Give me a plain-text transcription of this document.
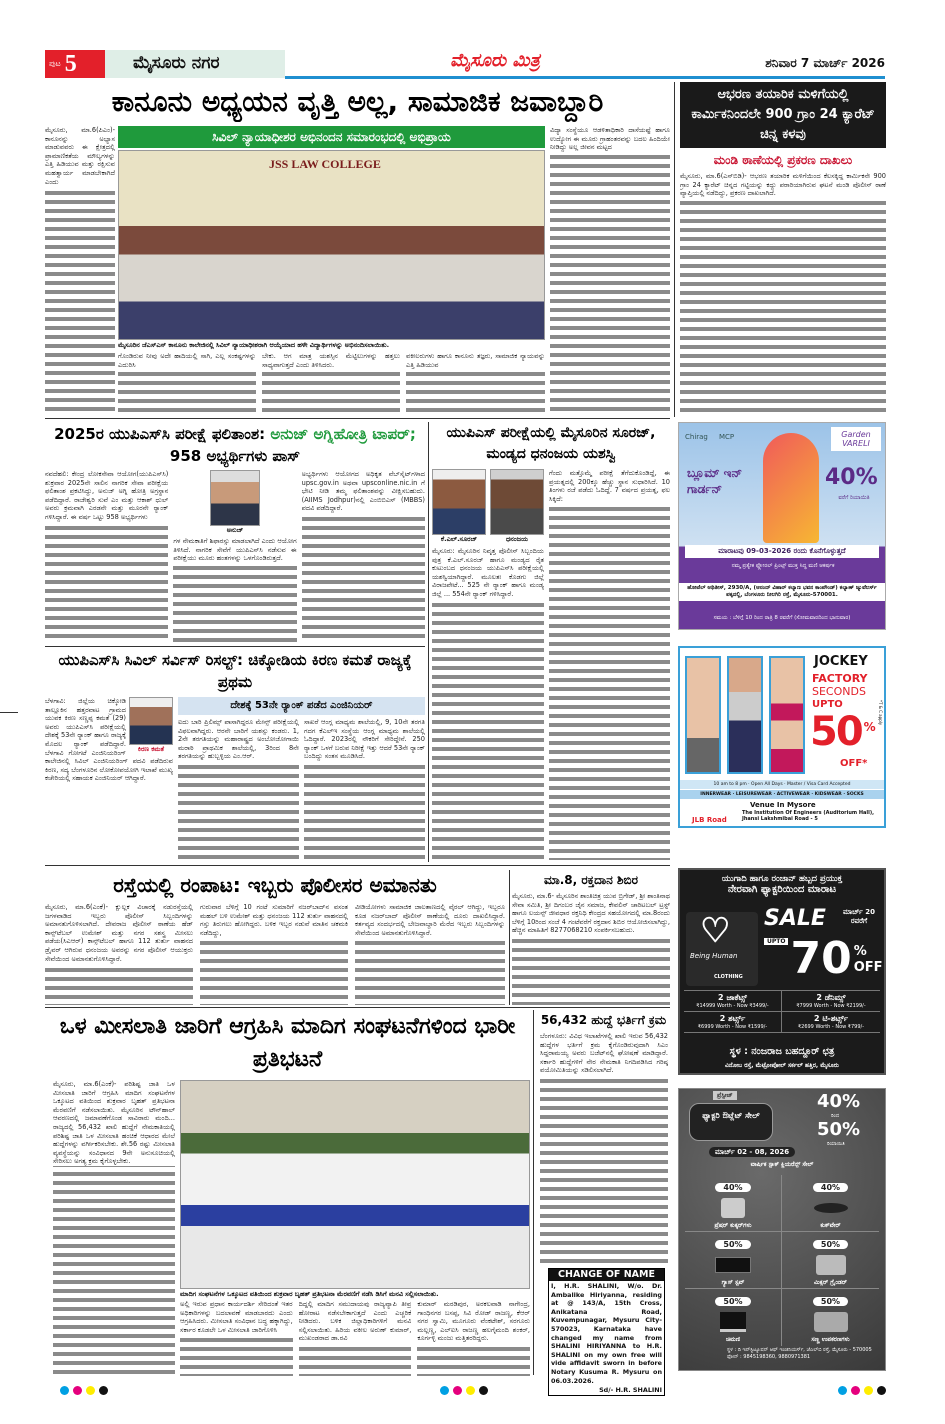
ಪುಟ 5	ಮೈಸೂರು ನಗರ	ಮೈಸೂರು ಮಿತ್ರ	ಶನಿವಾರ 7 ಮಾರ್ಚ್ 2026
ಕಾನೂನು ಅಧ್ಯಯನ ವೃತ್ತಿ ಅಲ್ಲ, ಸಾಮಾಜಿಕ ಜವಾಬ್ದಾರಿ
ಸಿವಿಲ್ ನ್ಯಾಯಾಧೀಶರ ಅಭಿನಂದನ ಸಮಾರಂಭದಲ್ಲಿ ಅಭಿಪ್ರಾಯ
ಮೈಸೂರು, ಮಾ.6(ಪಿಎಂ)- ಕಾನೂನನ್ನು ಅಭ್ಯಾಸ ಮಾಡುವವರು ಈ ಕ್ಷೇತ್ರದಲ್ಲಿ ಪ್ರಾಮಾಣಿಕತೆಯ ಮೌಲ್ಯಗಳನ್ನು ಎತ್ತಿ ಹಿಡಿಯುವ ಮತ್ತು ರಕ್ಷಿಸುವ ಮಹತ್ವಾರ್ಯ ಮಾಡಬೇಕಾಗಿದೆ ಎಂದು
JSS LAW COLLEGE
ಮೈಸೂರಿನ ಜೆಎಸ್‌ಎಸ್ ಕಾನೂನು ಕಾಲೇಜಿನಲ್ಲಿ ಸಿವಿಲ್ ನ್ಯಾಯಾಧೀಶರಾಗಿ ಆಯ್ಕೆಯಾದ ಹಳೇ ವಿದ್ಯಾರ್ಥಿಗಳನ್ನು ಅಭಿನಂದಿಸಲಾಯಿತು.
ಗೊಂಡಿರುವ ನೀವು ಅದೇ ಹಾದಿಯಲ್ಲಿ ಸಾಗಿ, ಎಲ್ಲ ಸಂಕಷ್ಟಗಳನ್ನು ಎದುರಿಸಿ
ಬೇಕು. ಆಗ ಮಾತ್ರ ಯಶಸ್ಸಿನ ಮೆಟ್ಟಿಲುಗಳನ್ನು ಹತ್ತಲು ಸಾಧ್ಯವಾಗುತ್ತದೆ ಎಂದು ತಿಳಿಸಿದರು.
ವಕೀಲರುಗಳು ಹಾಗೂ ಕಾನೂನು ತಜ್ಞರು, ಸಾಮಾಜಿಕ ನ್ಯಾಯವನ್ನು ಎತ್ತಿ ಹಿಡಿಯುವ
ವಿದ್ಯಾ ಸಂಸ್ಥೆಯೂ ಆಡಳಿತಾಧಿಕಾರಿ ದಾಸೆಯಷ್ಟೆ ಹಾಗೂ ಉದ್ಯೋಗ ಈ ಮೂರು ಗ್ರಾಹಂತರವನ್ನು ಬದಲ ಹಿಂದಿಯೇ ನೀಡಿದ್ದು ಅಲ್ಲ ಜೀವನ ಮಟ್ಟದ
ಆಭರಣ ತಯಾರಿಕ ಮಳಿಗೆಯಲ್ಲಿ ಕಾರ್ಮಿಕನಿಂದಲೇ 900 ಗ್ರಾಂ 24 ಕ್ಯಾರೆಟ್ ಚಿನ್ನ ಕಳವು
ಮಂಡಿ ಠಾಣೆಯಲ್ಲಿ ಪ್ರಕರಣ ದಾಖಲು
ಮೈಸೂರು, ಮಾ.6(ಎಸ್‌ಬಿಡಿ)- ಆಭರಣ ತಯಾರಿಕ ಮಳಿಗೆಯಿಂದ ಕೆಲಸಕ್ಕಿದ್ದ ಕಾರ್ಮಿಕನೇ 900 ಗ್ರಾಂ 24 ಕ್ಯಾರೆಟ್ ಚಿನ್ನದ ಗಟ್ಟಿಯನ್ನು ಕದ್ದು ಪರಾರಿಯಾಗಿರುವ ಘಟನೆ ಮಂಡಿ ಪೊಲೀಸ್ ಠಾಣೆ ವ್ಯಾಪ್ತಿಯಲ್ಲಿ ನಡೆದಿದ್ದು, ಪ್ರಕರಣ ದಾಖಲಾಗಿದೆ.
2025ರ ಯುಪಿಎಸ್‌ಸಿ ಪರೀಕ್ಷೆ ಫಲಿತಾಂಶ: ಅನುಜ್ ಅಗ್ನಿಹೋತ್ರಿ ಟಾಪರ್; 958 ಅಭ್ಯರ್ಥಿಗಳು ಪಾಸ್
ನವದೆಹಲಿ: ಕೇಂದ್ರ ಲೋಕಸೇವಾ ಆಯೋಗ(ಯುಪಿಎಸ್‌ಸಿ) ಶುಕ್ರವಾರ 2025ನೇ ಸಾಲಿನ ನಾಗರಿಕ ಸೇವಾ ಪರೀಕ್ಷೆಯ ಫಲಿತಾಂಶ ಪ್ರಕಟಿಸಿದ್ದು, ಅನುಜ್ ಅಗ್ನಿ ಹೋತ್ರಿ ಅಗ್ರಸ್ಥಾನ ಪಡೆದಿದ್ದಾರೆ. ರಾಜೇಶ್ವರಿ ಸುವೆ ಎಂ ಮತ್ತು ಆಕಾಶ್ ಧುಲ್ ಅವರು ಕ್ರಮವಾಗಿ ಎರಡನೇ ಮತ್ತು ಮೂರನೇ ರ್‍ಯಾಂಕ್ ಗಳಿಸಿದ್ದಾರೆ. ಈ ವರ್ಷ ಒಟ್ಟು 958 ಅಭ್ಯರ್ಥಿಗಳು
ಅನುಜ್
ಗಳ ನೇಮಕಾತಿಗೆ ಶಿಫಾರಸ್ಸು ಮಾಡಲಾಗಿದೆ ಎಂದು ಆಯೋಗ ತಿಳಿಸಿದೆ. ನಾಗರಿಕ ಸೇವೆಗೆ ಯುಪಿಎಸ್‌ಸಿ ನಡೆಸುವ ಈ ಪರೀಕ್ಷೆಯು ಮೂರು ಹಂತಗಳನ್ನು ಒಳಗೊಂಡಿರುತ್ತದೆ.
ಅಭ್ಯರ್ಥಿಗಳು ಆಯೋಗದ ಅಧಿಕೃತ ವೆಬ್‌ಸೈಟ್‌ಗಳಾದ upsc.gov.in ಅಥವಾ upsconline.nic.in ಗೆ ಭೇಟಿ ನೀಡಿ ತಮ್ಮ ಫಲಿತಾಂಶವನ್ನು ವೀಕ್ಷಿಸಬಹುದು. (AIIMS Jodhpur)ನಲ್ಲಿ ಎಂಬಿಬಿಎಸ್ (MBBS) ಪದವಿ ಪಡೆದಿದ್ದಾರೆ.
ಯುಪಿಎಸ್ ಪರೀಕ್ಷೆಯಲ್ಲಿ ಮೈಸೂರಿನ ಸೂರಜ್, ಮಂಡ್ಯದ ಧನಂಜಯ ಯಶಸ್ವಿ
ಕೆ.ಎಲ್.ಸೂರಜ್	ಧನಂಜಯ
ಮೈಸೂರು: ಮೈಸೂರಿನ ನಿವೃತ್ತ ಪೊಲೀಸ್ ಸಿಬ್ಬಂದಿಯ ಪುತ್ರ ಕೆ.ಎಲ್.ಸೂರಜ್ ಹಾಗೂ ಮಂಡ್ಯದ ರೈತ ಕುಟುಂಬದ ಧನಂಜಯ ಯುಪಿಎಸ್‌ಸಿ ಪರೀಕ್ಷೆಯಲ್ಲಿ ಯಶಸ್ವಿಯಾಗಿದ್ದಾರೆ. ಮೂಲತಃ ಕೊಡಗು ಜಿಲ್ಲೆ ವಿರಾಜಪೇಟೆ... 525 ನೇ ರ್‍ಯಾಂಕ್ ಹಾಗೂ ಮಂಡ್ಯ ಜಿಲ್ಲೆ ... 554ನೇ ರ್‍ಯಾಂಕ್ ಗಳಿಸಿದ್ದಾರೆ.
ಗೆಂದು ಮತ್ತೊಮ್ಮೆ ಪರೀಕ್ಷೆ ತೆಗೆದುಕೊಂಡಿದ್ದೆ, ಈ ಪ್ರಯತ್ನದಲ್ಲಿ 200ಕ್ಕೂ ಹೆಚ್ಚು ಸ್ಥಾನ ಸುಧಾರಿಸಿದೆ. 10 ತಿಂಗಳು ರಜೆ ಪಡೆದು ಓದಿದ್ದೆ. 7 ವರ್ಷದ ಪ್ರಯತ್ನ, ಫಲ ಸಿಕ್ಕಿದೆ:
ಯುಪಿಎಸ್‌ಸಿ ಸಿವಿಲ್ ಸರ್ವಿಸ್ ರಿಸಲ್ಟ್: ಚಿಕ್ಕೋಡಿಯ ಕಿರಣ ಕಮತೆ ರಾಜ್ಯಕ್ಕೆ ಪ್ರಥಮ
ಕಿರಣ ಕಮತೆ
ಬೆಳಗಾವಿ: ಜಿಲ್ಲೆಯ ಚಿಕ್ಕೋಡಿ ತಾಲ್ಲೂಕಿನ ಹತ್ತರವಾಟ ಗ್ರಾಮದ ಯುವಕ ಕಿರಣ ಸಣ್ಣಪ್ಪ ಕಮತೆ (29) ಅವರು ಯುಪಿಎಸ್‌ಸಿ ಪರೀಕ್ಷೆಯಲ್ಲಿ ದೇಶಕ್ಕೆ 53ನೇ ರ್‍ಯಾಂಕ್ ಹಾಗೂ ರಾಜ್ಯಕ್ಕೆ ಮೊದಲ ರ್‍ಯಾಂಕ್ ಪಡೆದಿದ್ದಾರೆ. ಬೆಳಗಾವಿ ಗೋಗಟೆ ಎಂಜಿನಿಯರಿಂಗ್ ಕಾಲೇಜಿನಲ್ಲಿ ಸಿವಿಲ್ ಎಂಜಿನಿಯರಿಂಗ್ ಪದವಿ ಪಡೆದಿರುವ ಕಿರಣ, ಸದ್ಯ ಬೆಂಗಳೂರಿನ ಲೋಕೋಪಯೋಗಿ ಇಲಾಖೆ ಮುಖ್ಯ ಕಚೇರಿಯಲ್ಲಿ ಸಹಾಯಕ ಎಂಜಿನಿಯರ್ ಆಗಿದ್ದಾರೆ.
ದೇಶಕ್ಕೆ 53ನೇ ರ್‍ಯಾಂಕ್ ಪಡೆದ ಎಂಜಿನಿಯರ್
ಐದು ಬಾರಿ ಪ್ರಿಲಿಮ್ಸ್ ಪಾಸಾಗಿದ್ದರೂ ಮೇನ್ಸ್ ಪರೀಕ್ಷೆಯಲ್ಲಿ ವಿಫಲವಾಗಿದ್ದರು. ಆರನೇ ಬಾರಿಗೆ ಯಶಸ್ಸು ಕಂಡರು. 1, 2ನೇ ತರಗತಿಯನ್ನು ಮಹಾರಾಷ್ಟ್ರದ ಅಂಬೋಜೋಗಾಯಿ ಮರಾಠಿ ಪ್ರಾಥಮಿಕ ಶಾಲೆಯಲ್ಲಿ, 3ರಿಂದ 8ನೇ ತರಗತಿಯನ್ನು ಹುಬ್ಬಳ್ಳಿಯ ಎಂ.ಆರ್.
ಸಾಖರೆ ಆಂಗ್ಲ ಮಾಧ್ಯಮ ಶಾಲೆಯಲ್ಲಿ, 9, 10ನೇ ತರಗತಿ ಗದಗ ಕೆಎಲ್‌ಇ ಸಂಸ್ಥೆಯ ಆಂಗ್ಲ ಮಾಧ್ಯಮ ಶಾಲೆಯಲ್ಲಿ ಓದಿದ್ದಾರೆ. 2023ರಲ್ಲಿ ನೌಕರಿಗೆ ಸೇರಿದ್ದೇನೆ. 250 ರ್‍ಯಾಂಕ್ ಒಳಗೆ ಬರುವ ನಿರೀಕ್ಷೆ ಇತ್ತು ಆದರೆ 53ನೇ ರ್‍ಯಾಂಕ್ ಬಂದಿದ್ದು ಸಂತಸ ಮೂಡಿಸಿದೆ.
ರಸ್ತೆಯಲ್ಲಿ ರಂಪಾಟ: ಇಬ್ಬರು ಪೊಲೀಸರ ಅಮಾನತು
ಮೈಸೂರು, ಮಾ.6(ಎಂಕೆ)- ಕ್ಷುಲ್ಲಕ ವಿಚಾರಕ್ಕೆ ನಡುರಸ್ತೆಯಲ್ಲಿ ಜಗಳವಾಡಿದ ಇಬ್ಬರು ಪೊಲೀಸ್ ಸಿಬ್ಬಂದಿಗಳನ್ನು ಅಮಾನತುಗೊಳಿಸಲಾಗಿದೆ. ದೇವರಾಜ ಪೊಲೀಸ್ ಠಾಣೆಯ ಹೆಡ್ ಕಾನ್ಸ್‌ಟೆಬಲ್ ಉಮೇಶ್ ಮತ್ತು ನಗರ ಸಶಸ್ತ್ರ ಮೀಸಲು ಪಡೆಯ(ಸಿಎಆರ್) ಕಾನ್ಸ್‌ಟೆಬಲ್ ಹಾಗೂ 112 ತುರ್ತು ವಾಹನದ ಡ್ರೈವರ್ ಆಗಿರುವ ಧನಂಜಯ ಅವರನ್ನು ನಗರ ಪೊಲೀಸ್ ಆಯುಕ್ತರು ಸೇವೆಯಿಂದ ಅಮಾನತುಗೊಳಿಸಿದ್ದಾರೆ.
ಗುರುವಾರ ಬೆಳಿಗ್ಗೆ 10 ಗಂಟೆ ಸುಮಾರಿಗೆ ನಜರ್‌ಬಾದ್‌ನ ವಸಂತ ಮಹಲ್ ಬಳಿ ಉಮೇಶ್ ಮತ್ತು ಧನಂಜಯ 112 ತುರ್ತು ವಾಹನದಲ್ಲಿ ಗಸ್ತು ತಿರುಗಲು ಹೋಗಿದ್ದರು. ಬಳಿಕ ಇಬ್ಬರ ನಡುವೆ ಮಾತಿನ ಚಕಮಕಿ ನಡೆದಿದ್ದು,
ವೀಡಿಯೋಗಳು ಸಾಮಾಜಿಕ ಜಾಲತಾಣದಲ್ಲಿ ವೈರಲ್ ಆಗಿದ್ದು, ಇಬ್ಬರೂ ಕೂಡ ನಜರ್‌ಬಾದ್ ಪೊಲೀಸ್ ಠಾಣೆಯಲ್ಲಿ ದೂರು ದಾಖಲಿಸಿದ್ದಾರೆ. ಕರ್ತವ್ಯದ ಸಂದರ್ಭದಲ್ಲಿ ಬೇಜವಾಬ್ದಾರಿ ಮೆರೆದ ಇಬ್ಬರು ಸಿಬ್ಬಂದಿಗಳನ್ನು ಸೇವೆಯಿಂದ ಅಮಾನತುಗೊಳಿಸಿದ್ದಾರೆ.
ಮಾ.8, ರಕ್ತದಾನ ಶಿಬಿರ
ಮೈಸೂರು, ಮಾ.6- ಮೈಸೂರಿನ ಶಾಂತಿಚಿತ್ರ ಯುವ ಬ್ರಿಗೇಡ್, ಶ್ರೀ ಶಾಂತಿನಾಥ ಸೇವಾ ಸಮಿತಿ, ಶ್ರೀ ದಿಗಂಬರ ಜೈನ ಸಮಾಜ, ಕೇವಲಿನ್ ಚಾರಿಟಬಲ್ ಟ್ರಸ್ಟ್ ಹಾಗೂ ಲಯನ್ಸ್ ಜೀವಧಾರ ರಕ್ತನಿಧಿ ಕೇಂದ್ರದ ಸಹಯೋಗದಲ್ಲಿ ಮಾ.8ರಂದು ಬೆಳಿಗ್ಗೆ 10ರಿಂದ ಸಂಜೆ 4 ಗಂಟೆವರೆಗೆ ರಕ್ತದಾನ ಶಿಬಿರ ಆಯೋಜಿಸಲಾಗಿದ್ದು, ಹೆಚ್ಚಿನ ಮಾಹಿತಿಗೆ 8277068210 ಸಂಪರ್ಕಿಸಬಹುದು.
ಒಳ ಮೀಸಲಾತಿ ಜಾರಿಗೆ ಆಗ್ರಹಿಸಿ ಮಾದಿಗ ಸಂಘಟನೆಗಳಿಂದ ಭಾರೀ ಪ್ರತಿಭಟನೆ
ಮೈಸೂರು, ಮಾ.6(ಎಂಕೆ)- ಪರಿಶಿಷ್ಟ ಜಾತಿ ಒಳ ಮೀಸಲಾತಿ ಜಾರಿಗೆ ಆಗ್ರಹಿಸಿ ಮಾದಿಗ ಸಂಘಟನೆಗಳ ಒಕ್ಕೂಟದ ವತಿಯಿಂದ ಶುಕ್ರವಾರ ಬೃಹತ್ ಪ್ರತಿಭಟನಾ ಮೆರವಣಿಗೆ ನಡೆಸಲಾಯಿತು. ಮೈಸೂರಿನ ಟೌನ್‌ಹಾಲ್ ಆವರಣದಲ್ಲಿ ಜಮಾವಣೆಗೊಂಡ ಸಾವಿರಾರು ಮಂದಿ... ರಾಜ್ಯದಲ್ಲಿ 56,432 ಖಾಲಿ ಹುದ್ದೆಗೆ ನೇಮಕಾತಿಯಲ್ಲಿ ಪರಿಶಿಷ್ಟ ಜಾತಿ ಒಳ ಮೀಸಲಾತಿ ಹಂಚಿಕೆ ಆಧಾರದ ಮೇಲೆ ಹುದ್ದೆಗಳನ್ನು ವರ್ಗೀಕರಿಸಬೇಕು. ಶೇ.56 ರಷ್ಟು ಮೀಸಲಾತಿ ವ್ಯವಸ್ಥೆಯನ್ನು ಸಂವಿಧಾನದ 9ನೇ ಅನುಸೂಚಿಯಲ್ಲಿ ಸೇರಿಸಲು ಅಗತ್ಯ ಕ್ರಮ ಕೈಗೊಳ್ಳಬೇಕು.
ಮಾದಿಗ ಸಂಘಟನೆಗಳ ಒಕ್ಕೂಟದ ವತಿಯಿಂದ ಶುಕ್ರವಾರ ಬೃಹತ್ ಪ್ರತಿಭಟನಾ ಮೆರವಣಿಗೆ ನಡೆಸಿ ಡಿಸಿಗೆ ಮನವಿ ಸಲ್ಲಿಸಲಾಯಿತು.
ಅಲ್ಲಿ ಇರುವ ಪ್ರಧಾನ ಕಾರ್ಯದರ್ಶಿ ಸೇರಿದಂತೆ ಇತರ ಅಧಿಕಾರಿಗಳನ್ನು ಬದಲಾವಣೆ ಮಾಡಬಾರದು ಎಂದು ಆಗ್ರಹಿಸಿದರು. ಮೀಸಲಾತಿ ಸಂವಿಧಾನ ಬದ್ಧ ಹಕ್ಕಾಗಿದ್ದು, ಸರ್ಕಾರ ಕೂಡಲೇ ಒಳ ಮೀಸಲಾತಿ ಜಾರಿಗೊಳಿಸಿ
ದಿದ್ದಲ್ಲಿ ಮಾದಿಗ ಸಮುದಾಯವು ರಾಜ್ಯವ್ಯಾಪಿ ತೀವ್ರ ಹೋರಾಟ ನಡೆಸಬೇಕಾಗುತ್ತದೆ ಎಂದು ಎಚ್ಚರಿಕೆ ನೀಡಿದರು. ಬಳಿಕ ಜಿಲ್ಲಾಧಿಕಾರಿಗಳಿಗೆ ಮನವಿ ಸಲ್ಲಿಸಲಾಯಿತು. ಹಿರಿಯ ವಕೀಲ ಅರುಣ್ ಕುಮಾರ್, ಮುಖಂಡರಾದ ಡಾ.ರವಿ
ಕುಮಾರ್ ಮರಡಿಪುರ, ಅರಕಲವಾಡಿ ನಾಗೇಂದ್ರ, ಗಾಂಧಿನಗರ ಬಸಪ್ಪ, ಸಿವಿ ರೋಡ್ ರಾಜಣ್ಣ, ಕೆಆರ್ ನಗರ ಸ್ವಾಮಿ, ಮೂಗೂರು ವೆಂಕಟೇಶ್, ಸರಗೂರು ಮಲ್ಲಣ್ಣ, ಎಲ್‌ಐಸಿ ರಾಜಣ್ಣ ಹಲಗೈಮಂದಿ ಶಂಕರ್, ಕೂರ್ಗಳ್ಳಿ ಮಂಜು ಮತ್ತಿತರರಿದ್ದರು.
56,432 ಹುದ್ದೆ ಭರ್ತಿಗೆ ಕ್ರಮ
ಬೆಂಗಳೂರು: ವಿವಿಧ ಇಲಾಖೆಗಳಲ್ಲಿ ಖಾಲಿ ಇರುವ 56,432 ಹುದ್ದೆಗಳ ಭರ್ತಿಗೆ ಕ್ರಮ ಕೈಗೊಂಡಿರುವುದಾಗಿ ಸಿಎಂ ಸಿದ್ದರಾಮಯ್ಯ ಅವರು ಬಜೆಟ್‌ನಲ್ಲಿ ಘೋಷಣೆ ಮಾಡಿದ್ದಾರೆ. ಸರ್ಕಾರಿ ಹುದ್ದೆಗಳಿಗೆ ನೇರ ನೇಮಕಾತಿ ನಿಗದಿಪಡಿಸಿದ ಗರಿಷ್ಠ ವಯೋಮಿತಿಯನ್ನು ಸಡಿಲಿಸಲಾಗಿದೆ.
CHANGE OF NAME
I, H.R. SHALINI, W/o. Dr. Ambalike Hiriyanna, residing at @ 143/A, 15th Cross, Anikatana Road, Kuvempunagar, Mysuru City-570023, Karnataka have changed my name from SHALINI HIRIYANNA to H.R. SHALINI on my own free will vide affidavit sworn in before Notary Kusuma R. Mysuru on 06.03.2026.
Sd/- H.R. SHALINI
Chirag MCP	Garden VARELI
ಬ್ಲೂಮ್ ಇನ್ ಗಾರ್ಡನ್	40%
ವರೆಗೆ ರಿಯಾಯಿತಿ
ಮಾರಾಟವು 09-03-2026 ರಂದು ಕೊನೆಗೊಳ್ಳುತ್ತದೆ
ನಮ್ಮ ಪ್ರತ್ಯೇಕ ಫ್ಲೋರಲ್ ಪ್ರಿಂಟ್ಸ್ ಮುಕ್ತ ಸಿದ್ಧ ಮಣಿ ಆಕರ್ಷಕ
ಹೋಟೆಲ್ ಅಥಿತೀಸ್, 2930/A, (ಆನಂದ್ ವಿಹಾರ್ ಕಲ್ಯಾಣ ಭವನ ಕಾಂಪೌಂಡ್) ಕಲ್ಯಾಣ್ ಜ್ಯುವೆಲರ್ಸ್ ಪಕ್ಕದಲ್ಲಿ, ಬೆಂಗಳೂರು ನೀಲಗಿರಿ ರಸ್ತೆ, ಮೈಸೂರು-570001.
ಸಮಯ : ಬೆಳಿಗ್ಗೆ 10 ರಿಂದ ರಾತ್ರಿ 8 ರವರೆಗೆ (ಸೋಮವಾರದಿಂದ ಭಾನುವಾರ)
JOCKEY
FACTORY
SECONDS
UPTO
50 %
OFF*
*T & C apply
10 am to 8 pm · Open All Days · Master / Visa Card Accepted
INNERWEAR · LEISUREWEAR · ACTIVEWEAR · KIDSWEAR · SOCKS
Venue In Mysore
JLB Road
The Institution Of Engineers (Auditorium Hall), Jhansi Lakshmibai Road - 5
ಯುಗಾದಿ ಹಾಗೂ ರಂಜಾನ್ ಹಬ್ಬದ ಪ್ರಯುಕ್ತ
ನೇರವಾಗಿ ಫ್ಯಾಕ್ಟರಿಯಿಂದ ಮಾರಾಟ
♡
Being Human
CLOTHING
SALE	ಮಾರ್ಚ್ 20 ರವರೆಗೆ
UPTO 70 % OFF
2 ಜಾಕೆಟ್ಸ್
₹14999 Worth - Now ₹3499/-
2 ಡೆನಿಮ್ಸ್
₹7999 Worth - Now ₹2199/-
2 ಶರ್ಟ್ಸ್
₹6999 Worth - Now ₹1599/-
2 ಟಿ-ಶರ್ಟ್ಸ್
₹2699 Worth - Now ₹799/-
ಸ್ಥಳ : ನಂಜರಾಜ ಬಹದ್ದೂರ್ ಛತ್ರ
ವಿನೋಬ ರಸ್ತೆ, ಮೆಟ್ರೋಪೋಲ್ ಸರ್ಕಲ್ ಹತ್ತಿರ, ಮೈಸೂರು
ಪ್ರೆಸ್ಟೀಜ್
ಫ್ಯಾಕ್ಟರಿ ಔಟ್ಲೆಟ್ ಸೇಲ್
40%
ರಿಂದ
50%
ರಿಯಾಯಿತಿ
ಮಾರ್ಚ್ 02 - 08, 2026
ವಾರ್ಷಿಕ ಸ್ಟಾಕ್ ಕ್ಲಿಯರೆನ್ಸ್ ಸೇಲ್
40%
ಪ್ರೆಷರ್ ಕುಕ್ಕರ್‌ಗಳು
40%
ಕುಕ್‌ವೇರ್
50%
ಗ್ಯಾಸ್ ಸ್ಟವ್
50%
ಮಿಕ್ಸರ್ ಗ್ರೈಂಡರ್
50%
ಚಿಮಣಿ
50%
ಸಣ್ಣ ಉಪಕರಣಗಳು
ಸ್ಥಳ : ದಿ ಇನ್‌ಸ್ಟಿಟ್ಯೂಷನ್ ಆಫ್ ಇಂಜಿನಿಯರ್ಸ್, ಜೆಎಲ್‌ಬಿ ರಸ್ತೆ, ಮೈಸೂರು - 570005 ಫೋನ್ : 9845198360, 9880971381
